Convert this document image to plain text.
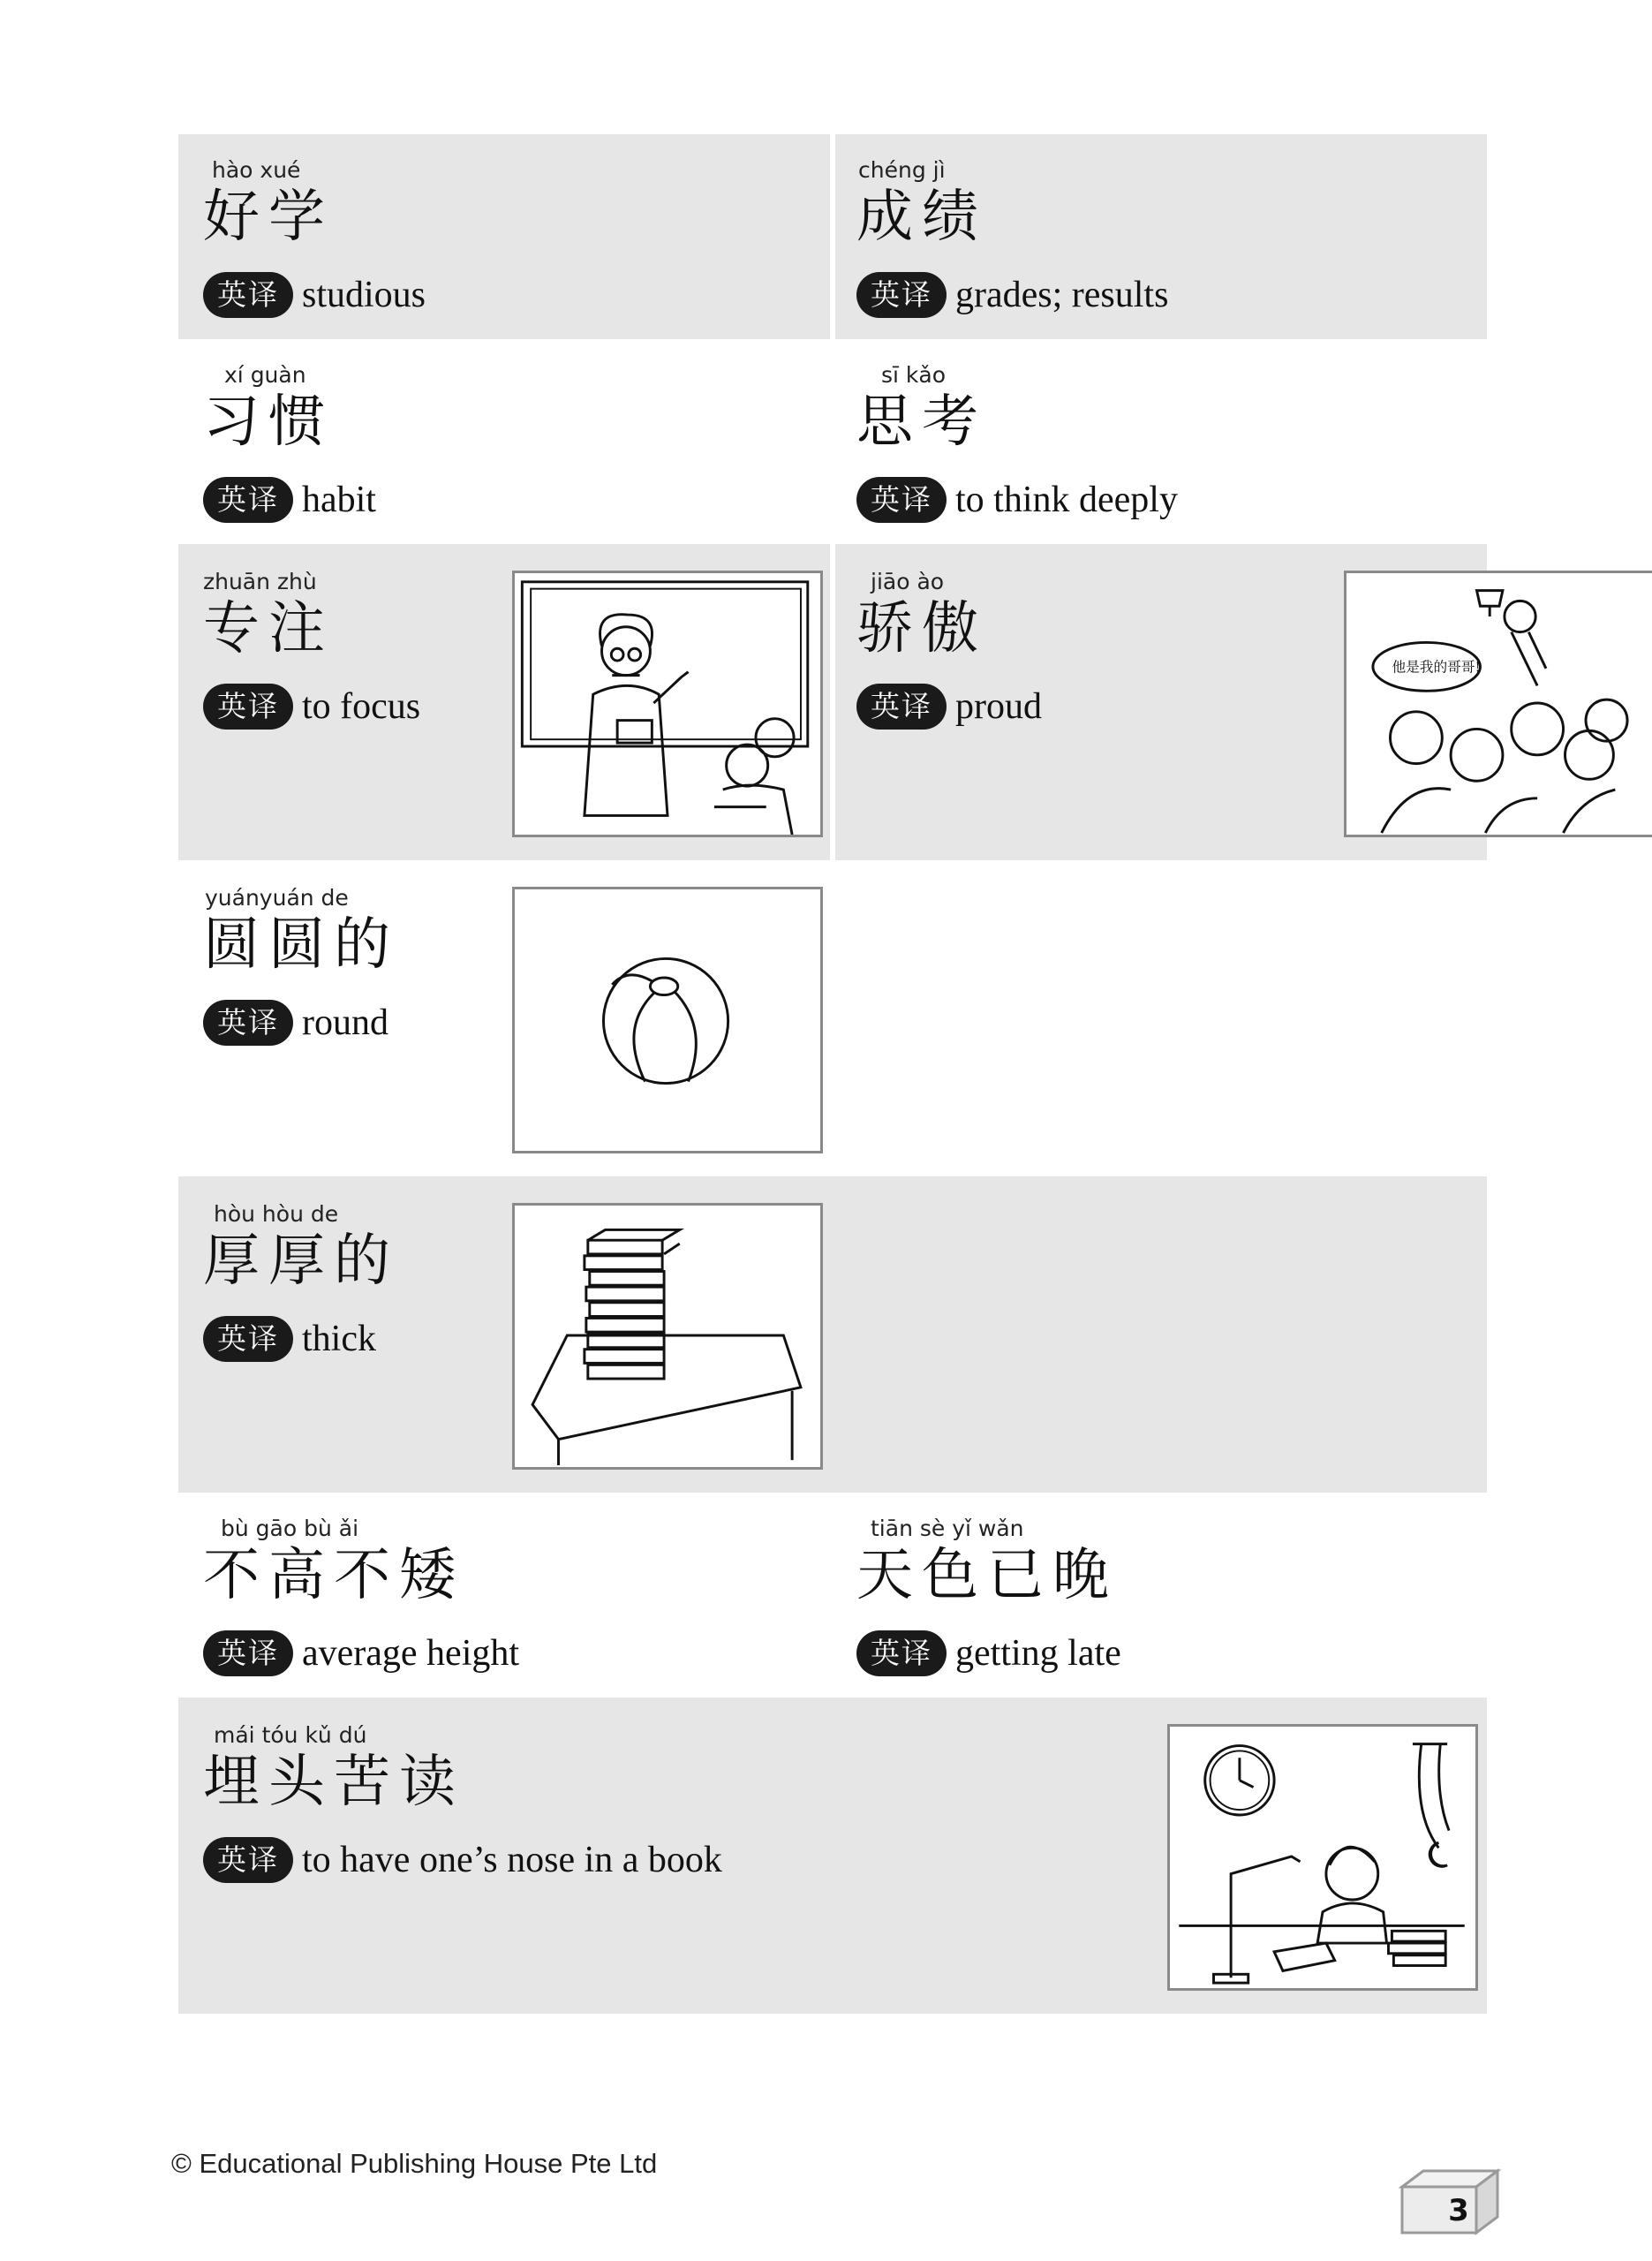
hào xué
好学
英译 studious
chéng jì
成绩
英译 grades; results
xí guàn
习惯
英译 habit
sī kǎo
思考
英译 to think deeply
zhuān zhù
专注
英译 to focus
jiāo ào
骄傲
英译 proud
他是我的哥哥!
yuányuán de
圆圆的
英译 round
hòu hòu de
厚厚的
英译 thick
bù gāo bù ǎi
不高不矮
英译 average height
tiān sè yǐ wǎn
天色已晚
英译 getting late
mái tóu kǔ dú
埋头苦读
英译 to have one’s nose in a book
© Educational Publishing House Pte Ltd
3
